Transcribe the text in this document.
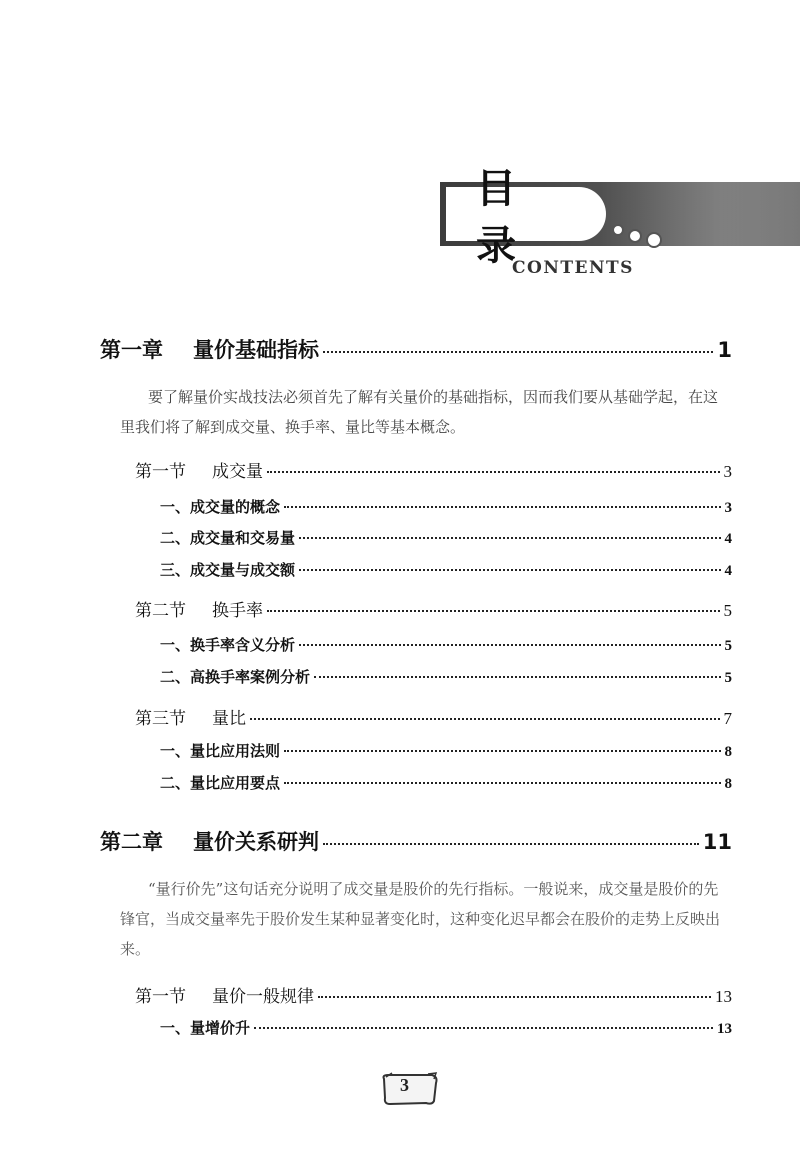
目 录
CONTENTS
第一章 量价基础指标	1
要了解量价实战技法必须首先了解有关量价的基础指标，因而我们要从基础学起，在这里我们将了解到成交量、换手率、量比等基本概念。
第一节 成交量	3
一、成交量的概念	3
二、成交量和交易量	4
三、成交量与成交额	4
第二节 换手率	5
一、换手率含义分析	5
二、高换手率案例分析	5
第三节 量比	7
一、量比应用法则	8
二、量比应用要点	8
第二章 量价关系研判	11
“量行价先”这句话充分说明了成交量是股价的先行指标。一般说来，成交量是股价的先锋官，当成交量率先于股价发生某种显著变化时，这种变化迟早都会在股价的走势上反映出来。
第一节 量价一般规律	13
一、量增价升	13
3
